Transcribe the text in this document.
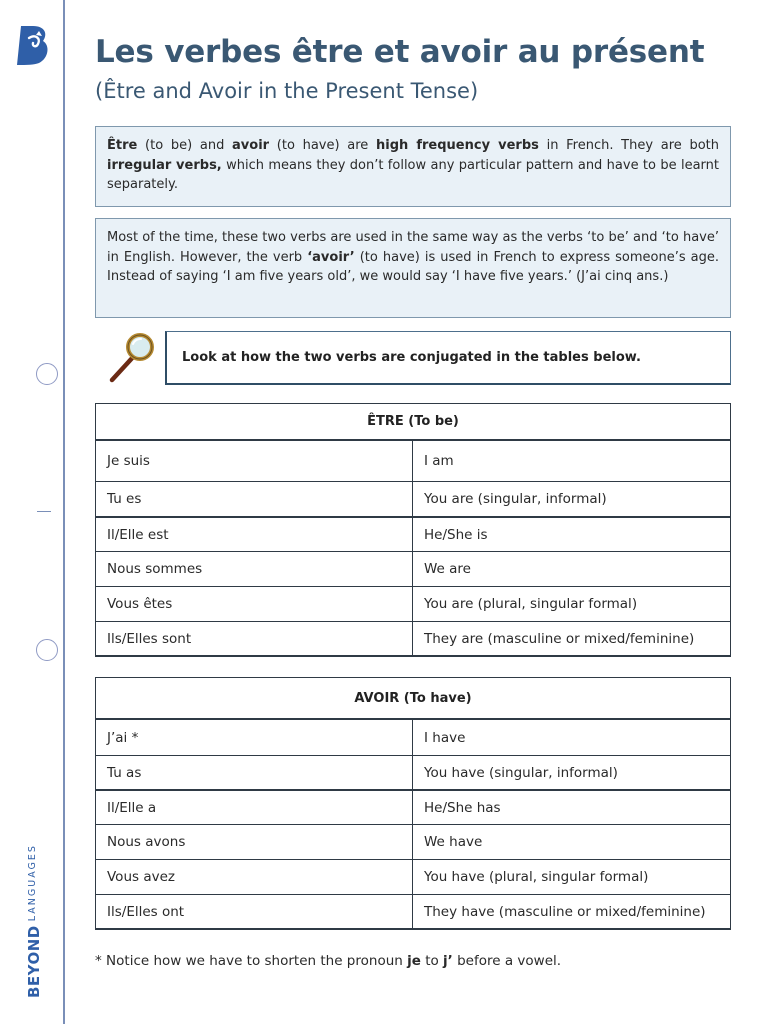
$BEYOND^{LANGUAGES}$
Les verbes être et avoir au présent
(Être and Avoir in the Present Tense)
Être (to be) and avoir (to have) are high frequency verbs in French. They are both irregular verbs, which means they don’t follow any particular pattern and have to be learnt separately.
Most of the time, these two verbs are used in the same way as the verbs ‘to be’ and ‘to have’ in English. However, the verb ‘avoir’ (to have) is used in French to express someone’s age. Instead of saying ‘I am five years old’, we would say ‘I have five years.’ (J’ai cinq ans.)
Look at how the two verbs are conjugated in the tables below.
ÊTRE (To be)
Je suis	I am
Tu es	You are (singular, informal)
Il/Elle est	He/She is
Nous sommes	We are
Vous êtes	You are (plural, singular formal)
Ils/Elles sont	They are (masculine or mixed/feminine)
AVOIR (To have)
J’ai *	I have
Tu as	You have (singular, informal)
Il/Elle a	He/She has
Nous avons	We have
Vous avez	You have (plural, singular formal)
Ils/Elles ont	They have (masculine or mixed/feminine)
* Notice how we have to shorten the pronoun je to j’ before a vowel.
